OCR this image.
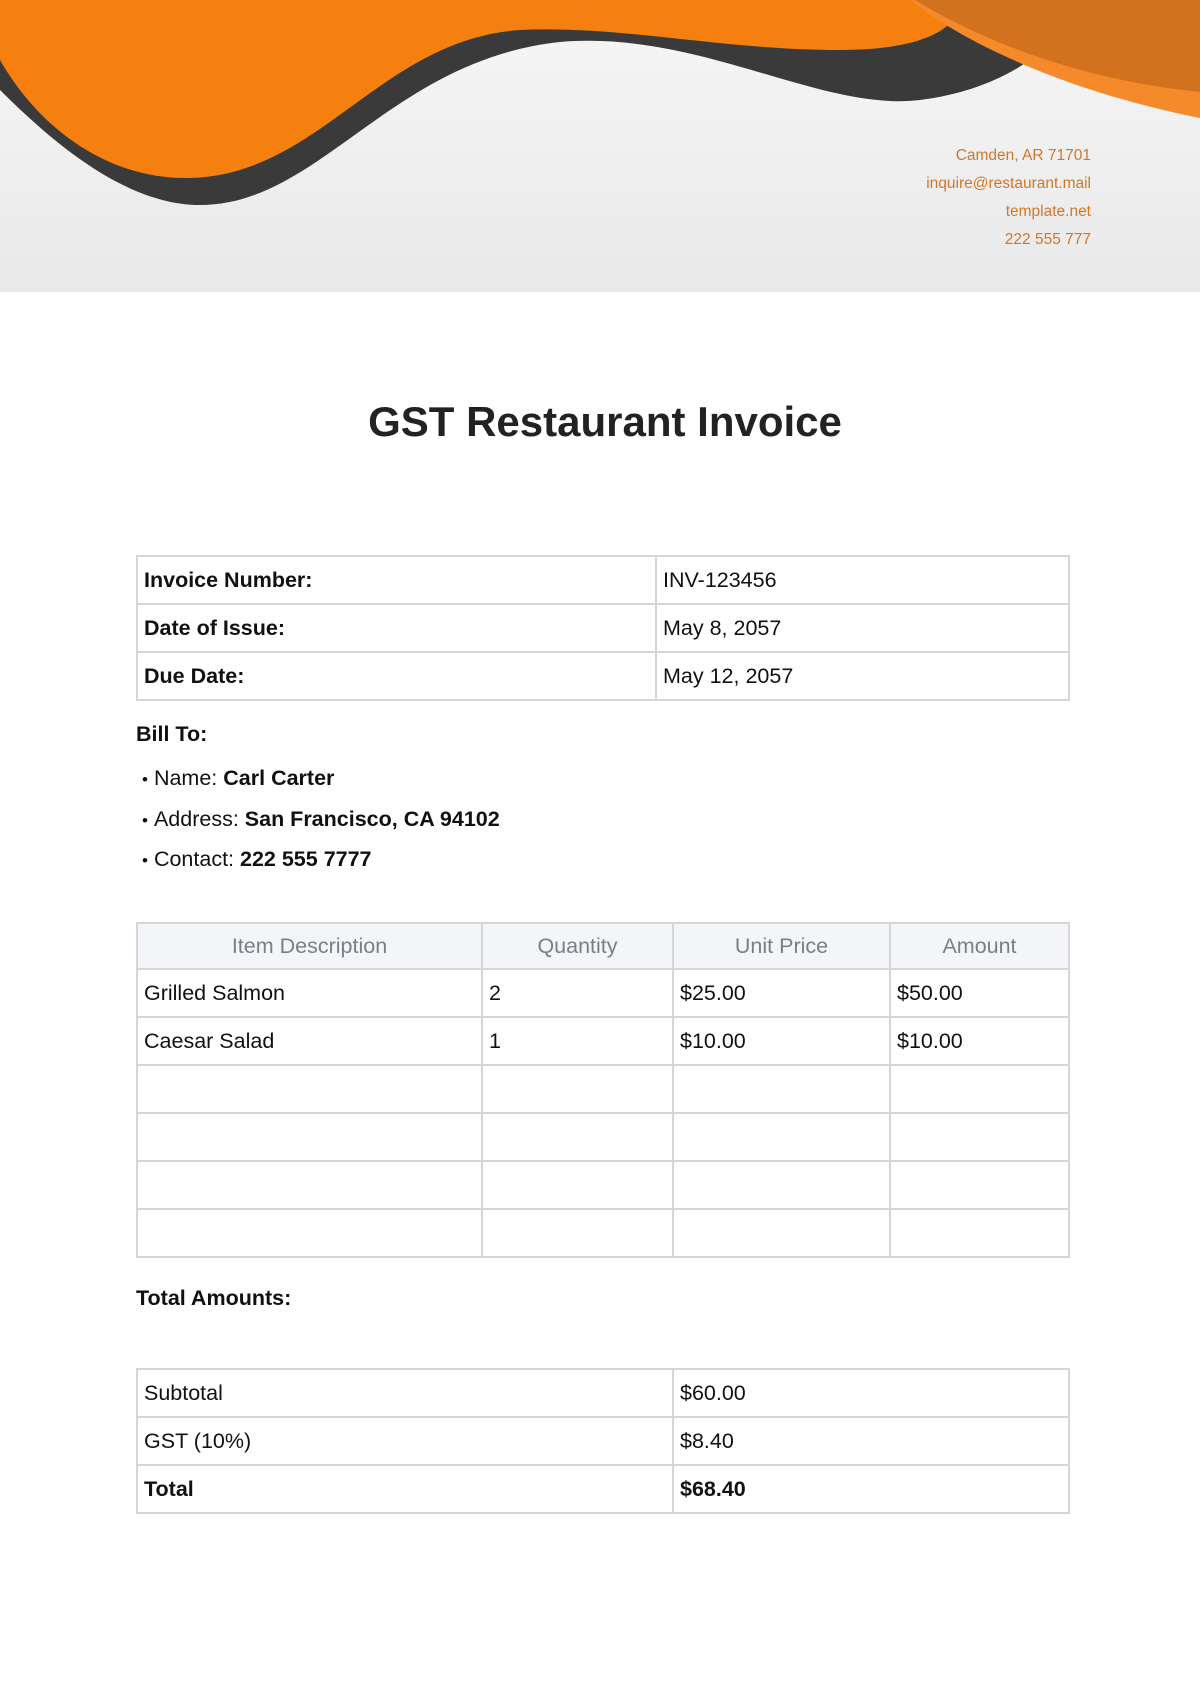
Camden, AR 71701
inquire@restaurant.mail
template.net
222 555 777
GST Restaurant Invoice
Invoice Number:	INV-123456
Date of Issue:	May 8, 2057
Due Date:	May 12, 2057
Bill To:
• Name: Carl Carter
• Address: San Francisco, CA 94102
• Contact: 222 555 7777
Item Description	Quantity	Unit Price	Amount
Grilled Salmon	2	$25.00	$50.00
Caesar Salad	1	$10.00	$10.00

Total Amounts:
Subtotal	$60.00
GST (10%)	$8.40
Total	$68.40
